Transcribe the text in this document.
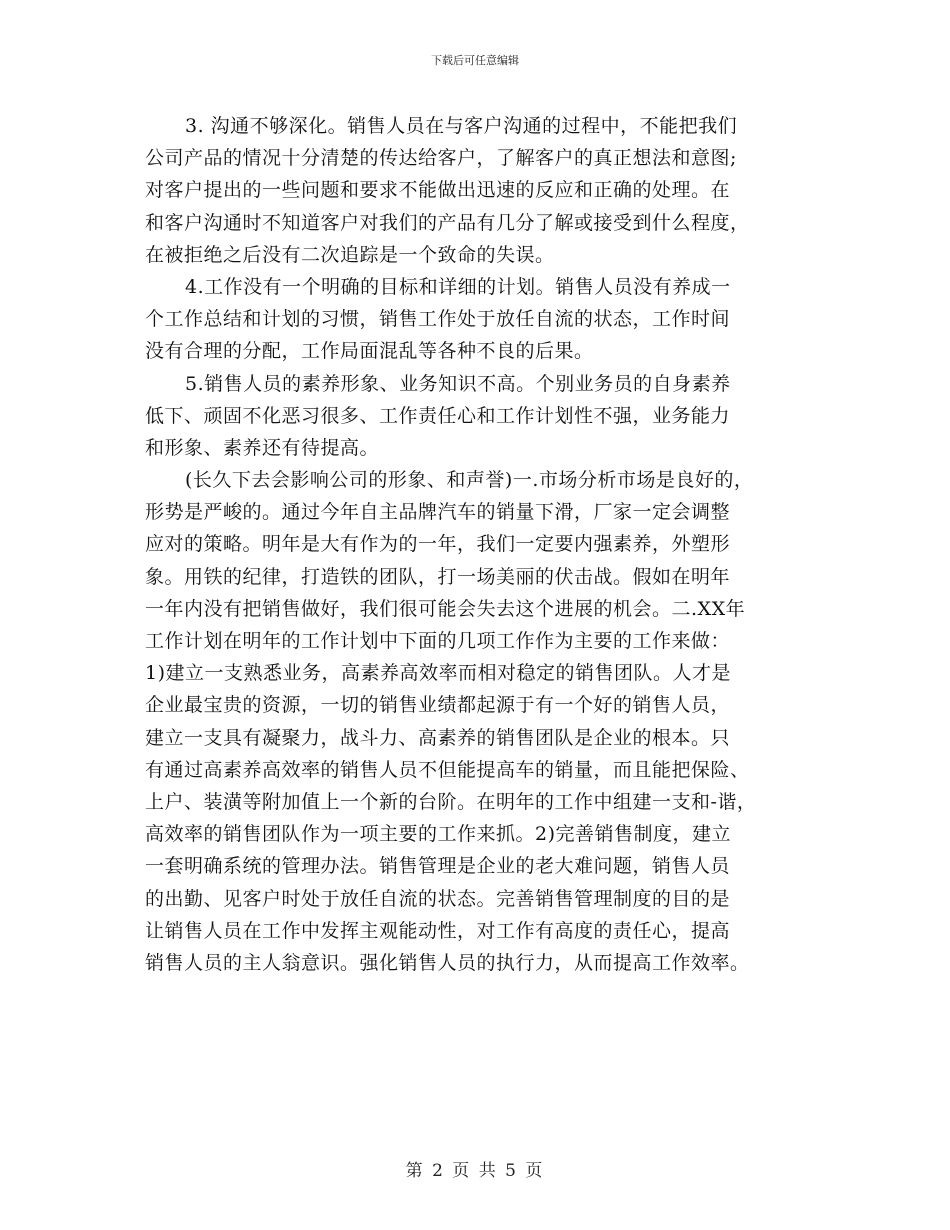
下载后可任意编辑
3. 沟通不够深化。销售人员在与客户沟通的过程中，不能把我们
公司产品的情况十分清楚的传达给客户，了解客户的真正想法和意图;
对客户提出的一些问题和要求不能做出迅速的反应和正确的处理。在
和客户沟通时不知道客户对我们的产品有几分了解或接受到什么程度，
在被拒绝之后没有二次追踪是一个致命的失误。
4.工作没有一个明确的目标和详细的计划。销售人员没有养成一
个工作总结和计划的习惯，销售工作处于放任自流的状态，工作时间
没有合理的分配，工作局面混乱等各种不良的后果。
5.销售人员的素养形象、业务知识不高。个别业务员的自身素养
低下、顽固不化恶习很多、工作责任心和工作计划性不强，业务能力
和形象、素养还有待提高。
(长久下去会影响公司的形象、和声誉)一.市场分析市场是良好的，
形势是严峻的。通过今年自主品牌汽车的销量下滑，厂家一定会调整
应对的策略。明年是大有作为的一年，我们一定要内强素养，外塑形
象。用铁的纪律，打造铁的团队，打一场美丽的伏击战。假如在明年
一年内没有把销售做好，我们很可能会失去这个进展的机会。二.XX年
工作计划在明年的工作计划中下面的几项工作作为主要的工作来做：
1)建立一支熟悉业务，高素养高效率而相对稳定的销售团队。人才是
企业最宝贵的资源，一切的销售业绩都起源于有一个好的销售人员，
建立一支具有凝聚力，战斗力、高素养的销售团队是企业的根本。只
有通过高素养高效率的销售人员不但能提高车的销量，而且能把保险、
上户、装潢等附加值上一个新的台阶。在明年的工作中组建一支和-谐，
高效率的销售团队作为一项主要的工作来抓。2)完善销售制度，建立
一套明确系统的管理办法。销售管理是企业的老大难问题，销售人员
的出勤、见客户时处于放任自流的状态。完善销售管理制度的目的是
让销售人员在工作中发挥主观能动性，对工作有高度的责任心，提高
销售人员的主人翁意识。强化销售人员的执行力，从而提高工作效率。
第 2 页 共 5 页
